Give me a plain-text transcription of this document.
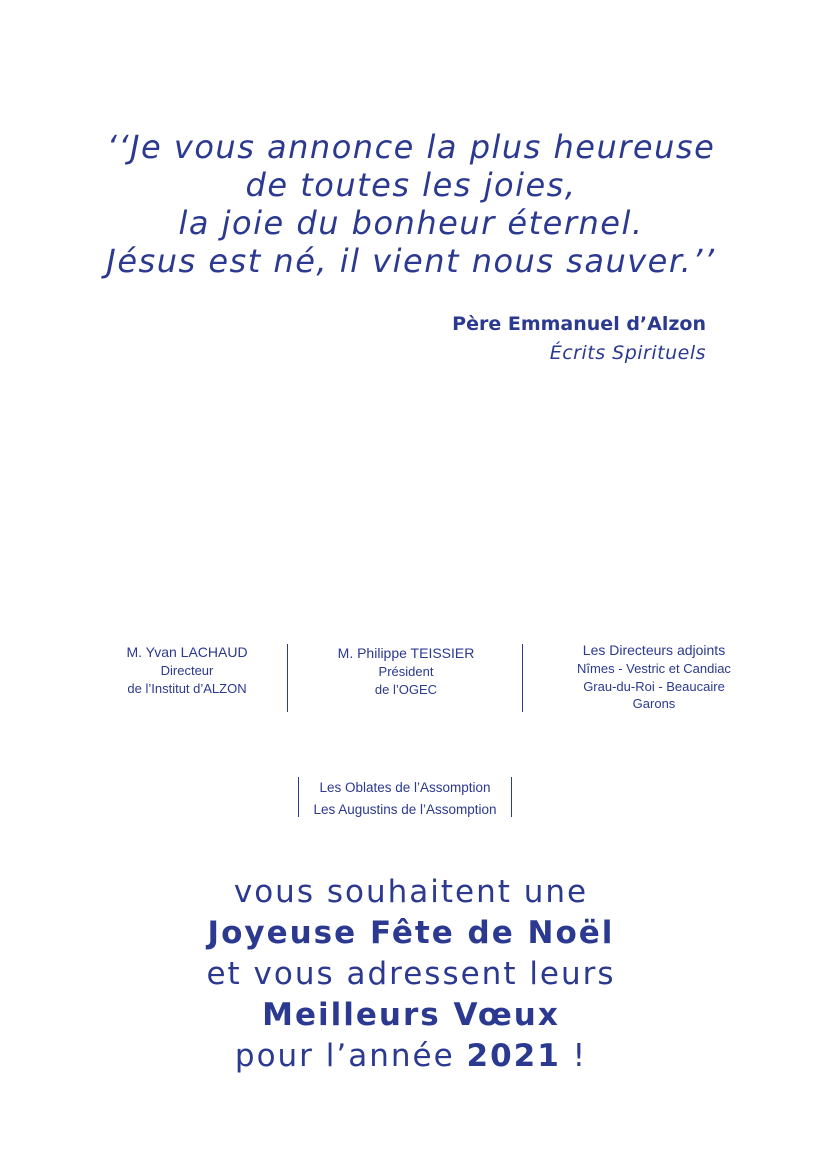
‘‘Je vous annonce la plus heureuse
de toutes les joies,
la joie du bonheur éternel.
Jésus est né, il vient nous sauver.’’
Père Emmanuel d’Alzon
Écrits Spirituels
M. Yvan LACHAUD
Directeur
de l’Institut d’ALZON
M. Philippe TEISSIER
Président
de l’OGEC
Les Directeurs adjoints
Nîmes - Vestric et Candiac
Grau-du-Roi - Beaucaire
Garons
Les Oblates de l’Assomption
Les Augustins de l’Assomption
vous souhaitent une
Joyeuse Fête de Noël
et vous adressent leurs
Meilleurs Vœux
pour l’année 2021 !
